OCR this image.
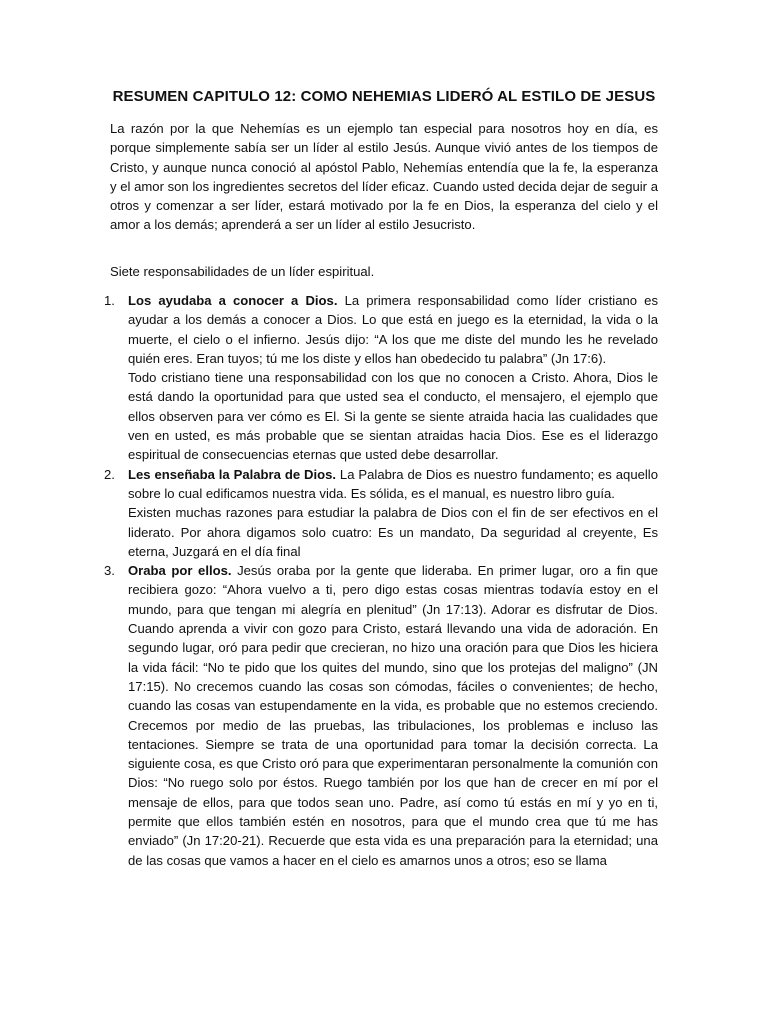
RESUMEN CAPITULO 12: COMO NEHEMIAS LIDERÓ AL ESTILO DE JESUS

La razón por la que Nehemías es un ejemplo tan especial para nosotros hoy en día, es porque simplemente sabía ser un líder al estilo Jesús. Aunque vivió antes de los tiempos de Cristo, y aunque nunca conoció al apóstol Pablo, Nehemías entendía que la fe, la esperanza y el amor son los ingredientes secretos del líder eficaz. Cuando usted decida dejar de seguir a otros y comenzar a ser líder, estará motivado por la fe en Dios, la esperanza del cielo y el amor a los demás; aprenderá a ser un líder al estilo Jesucristo.

Siete responsabilidades de un líder espiritual.

1. Los ayudaba a conocer a Dios. La primera responsabilidad como líder cristiano es ayudar a los demás a conocer a Dios. Lo que está en juego es la eternidad, la vida o la muerte, el cielo o el infierno. Jesús dijo: “A los que me diste del mundo les he revelado quién eres. Eran tuyos; tú me los diste y ellos han obedecido tu palabra” (Jn 17:6).

Todo cristiano tiene una responsabilidad con los que no conocen a Cristo. Ahora, Dios le está dando la oportunidad para que usted sea el conducto, el mensajero, el ejemplo que ellos observen para ver cómo es El. Si la gente se siente atraida hacia las cualidades que ven en usted, es más probable que se sientan atraidas hacia Dios. Ese es el liderazgo espiritual de consecuencias eternas que usted debe desarrollar.

2. Les enseñaba la Palabra de Dios. La Palabra de Dios es nuestro fundamento; es aquello sobre lo cual edificamos nuestra vida. Es sólida, es el manual, es nuestro libro guía.

Existen muchas razones para estudiar la palabra de Dios con el fin de ser efectivos en el liderato. Por ahora digamos solo cuatro: Es un mandato, Da seguridad al creyente, Es eterna, Juzgará en el día final

3. Oraba por ellos. Jesús oraba por la gente que lideraba. En primer lugar, oro a fin que recibiera gozo: “Ahora vuelvo a ti, pero digo estas cosas mientras todavía estoy en el mundo, para que tengan mi alegría en plenitud” (Jn 17:13). Adorar es disfrutar de Dios. Cuando aprenda a vivir con gozo para Cristo, estará llevando una vida de adoración. En segundo lugar, oró para pedir que crecieran, no hizo una oración para que Dios les hiciera la vida fácil: “No te pido que los quites del mundo, sino que los protejas del maligno” (JN 17:15). No crecemos cuando las cosas son cómodas, fáciles o convenientes; de hecho, cuando las cosas van estupendamente en la vida, es probable que no estemos creciendo. Crecemos por medio de las pruebas, las tribulaciones, los problemas e incluso las tentaciones. Siempre se trata de una oportunidad para tomar la decisión correcta. La siguiente cosa, es que Cristo oró para que experimentaran personalmente la comunión con Dios: “No ruego solo por éstos. Ruego también por los que han de crecer en mí por el mensaje de ellos, para que todos sean uno. Padre, así como tú estás en mí y yo en ti, permite que ellos también estén en nosotros, para que el mundo crea que tú me has enviado” (Jn 17:20-21). Recuerde que esta vida es una preparación para la eternidad; una de las cosas que vamos a hacer en el cielo es amarnos unos a otros; eso se llama
